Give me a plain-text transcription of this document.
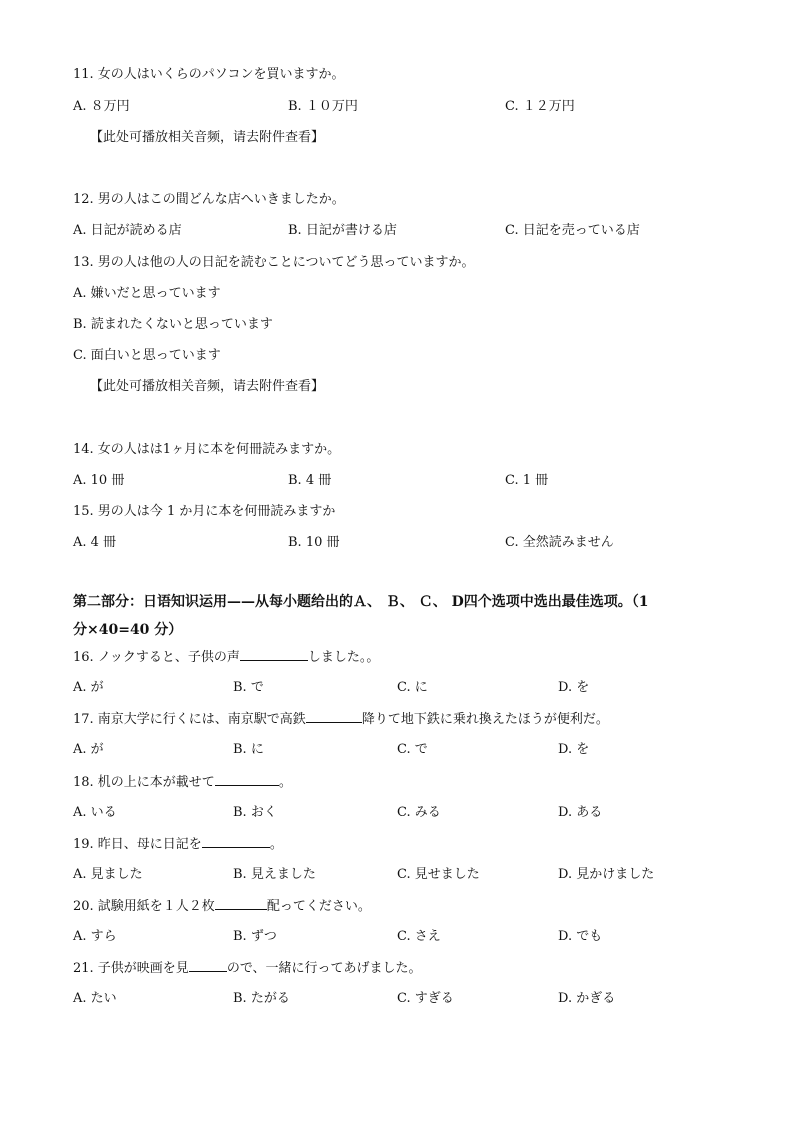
11. 女の人はいくらのパソコンを買いますか。
A. ８万円	B. １０万円	C. １２万円
【此处可播放相关音频，请去附件查看】
12. 男の人はこの間どんな店へいきましたか。
A. 日記が読める店	B. 日記が書ける店	C. 日記を売っている店
13. 男の人は他の人の日記を読むことについてどう思っていますか。
A. 嫌いだと思っています
B. 読まれたくないと思っています
C. 面白いと思っています
【此处可播放相关音频，请去附件查看】
14. 女の人はは1ヶ月に本を何冊読みますか。
A. 10 冊	B. 4 冊	C. 1 冊
15. 男の人は今 1 か月に本を何冊読みますか
A. 4 冊	B. 10 冊	C. 全然読みません
第二部分：日语知识运用——从每小题给出的Ａ、 Ｂ、 Ｃ、 D四个选项中选出最佳选项。（1
分×40=40 分）
16. ノックすると、子供の声	しました。。
A. が	B. で	C. に	D. を
17. 南京大学に行くには、南京駅で高鉄	降りて地下鉄に乗れ換えたほうが便利だ。
A. が	B. に	C. で	D. を
18. 机の上に本が載せて	。
A. いる	B. おく	C. みる	D. ある
19. 昨日、母に日記を	。
A. 見ました	B. 見えました	C. 見せました	D. 見かけました
20. 試験用紙を１人２枚	配ってください。
A. すら	B. ずつ	C. さえ	D. でも
21. 子供が映画を見	ので、一緒に行ってあげました。
A. たい	B. たがる	C. すぎる	D. かぎる
